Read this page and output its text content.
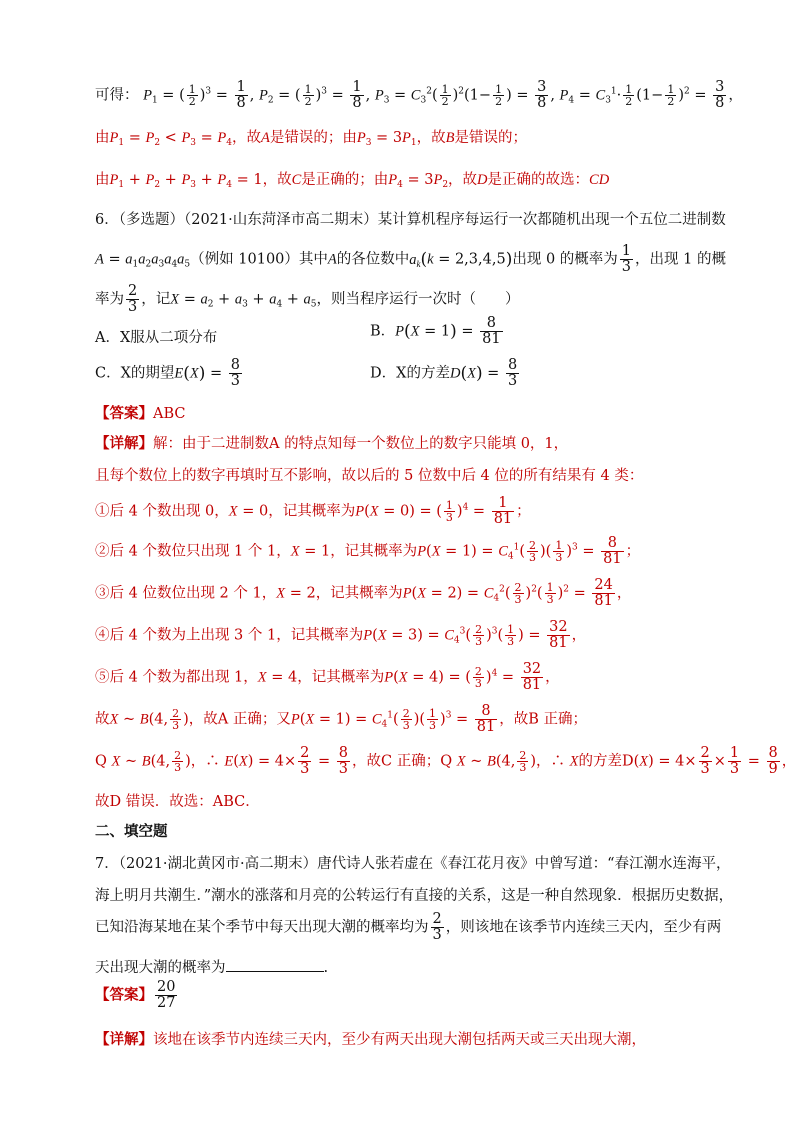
可得： $P_1$ = ( $\frac{1}{2} )^3 = \frac{1}{8}$ , $P_2$ = ( $\frac{1}{2} )^3 = \frac{1}{8}$ , $P_3 = C_3^2( \frac{1}{2} )^2(1- \frac{1}{2}$ ) = $\frac{3}{8}$ , $P_4 = C_3^1\cdot \frac{1}{2} (1- \frac{1}{2} )^2 = \frac{3}{8}$ ，
由$P_1 = P_2 < P_3 = P_4$，故A是错误的；由$P_3 = 3P_1$，故B是错误的；
由$P_1 + P_2 + P_3 + P_4 = 1$，故C是正确的；由$P_4 = 3P_2$，故D是正确的故选：CD
6．（多选题）（2021·山东菏泽市高二期末）某计算机程序每运行一次都随机出现一个五位二进制数
$A = a_1a_2a_3a_4a_5$（例如 10100）其中A的各位数中$a_k(k = 2,3,4,5)$出现 0 的概率为 $\frac{1}{3}$ ，出现 1 的概
率为 $\frac{2}{3}$ ，记$X = a_2 + a_3 + a_4 + a_5$，则当程序运行一次时（　　）
A．X服从二项分布	B．$P(X = 1) = \frac{8}{81}$
C．X的期望$E(X) = \frac{8}{3}$	D．X的方差$D(X) = \frac{8}{3}$
【答案】ABC
【详解】解：由于二进制数A 的特点知每一个数位上的数字只能填 0，1，
且每个数位上的数字再填时互不影响，故以后的 5 位数中后 4 位的所有结果有 4 类：
①后 4 个数出现 0，X = 0，记其概率为P(X = 0) = ( $\frac{1}{3} )^4 = \frac{1}{81}$ ；
②后 4 个数位只出现 1 个 1，X = 1，记其概率为$P(X = 1) = C_4^1( \frac{2}{3}$ )( $\frac{1}{3} )^3 = \frac{8}{81}$ ；
③后 4 位数位出现 2 个 1，X = 2，记其概率为$P(X = 2) = C_4^2( \frac{2}{3} )^2( \frac{1}{3} )^2 = \frac{24}{81}$ ，
④后 4 个数为上出现 3 个 1，记其概率为$P(X = 3) = C_4^3( \frac{2}{3} )^3( \frac{1}{3}$ ) = $\frac{32}{81}$ ，
⑤后 4 个数为都出现 1，X = 4，记其概率为P(X = 4) = ( $\frac{2}{3} )^4 = \frac{32}{81}$ ，
故X ~ B(4, $\frac{2}{3}$ )，故A 正确；又$P(X = 1) = C_4^1( \frac{2}{3}$ )( $\frac{1}{3} )^3 = \frac{8}{81}$ ，故B 正确；
Q X ~ B(4, $\frac{2}{3}$ )，∴ $E(X) = 4\times \frac{2}{3} = \frac{8}{3}$ ，故C 正确；Q X ~ B(4, $\frac{2}{3}$ )，∴ X的方差$D(X) = 4\times \frac{2}{3} \times \frac{1}{3} = \frac{8}{9}$ ，
故D 错误．故选：ABC．
二、填空题
7．（2021·湖北黄冈市·高二期末）唐代诗人张若虚在《春江花月夜》中曾写道：“春江潮水连海平，
海上明月共潮生．”潮水的涨落和月亮的公转运行有直接的关系，这是一种自然现象．根据历史数据，
已知沿海某地在某个季节中每天出现大潮的概率均为 $\frac{2}{3}$ ，则该地在该季节内连续三天内，至少有两
天出现大潮的概率为	.
【答案】 $\frac{20}{27}$
【详解】该地在该季节内连续三天内，至少有两天出现大潮包括两天或三天出现大潮，
